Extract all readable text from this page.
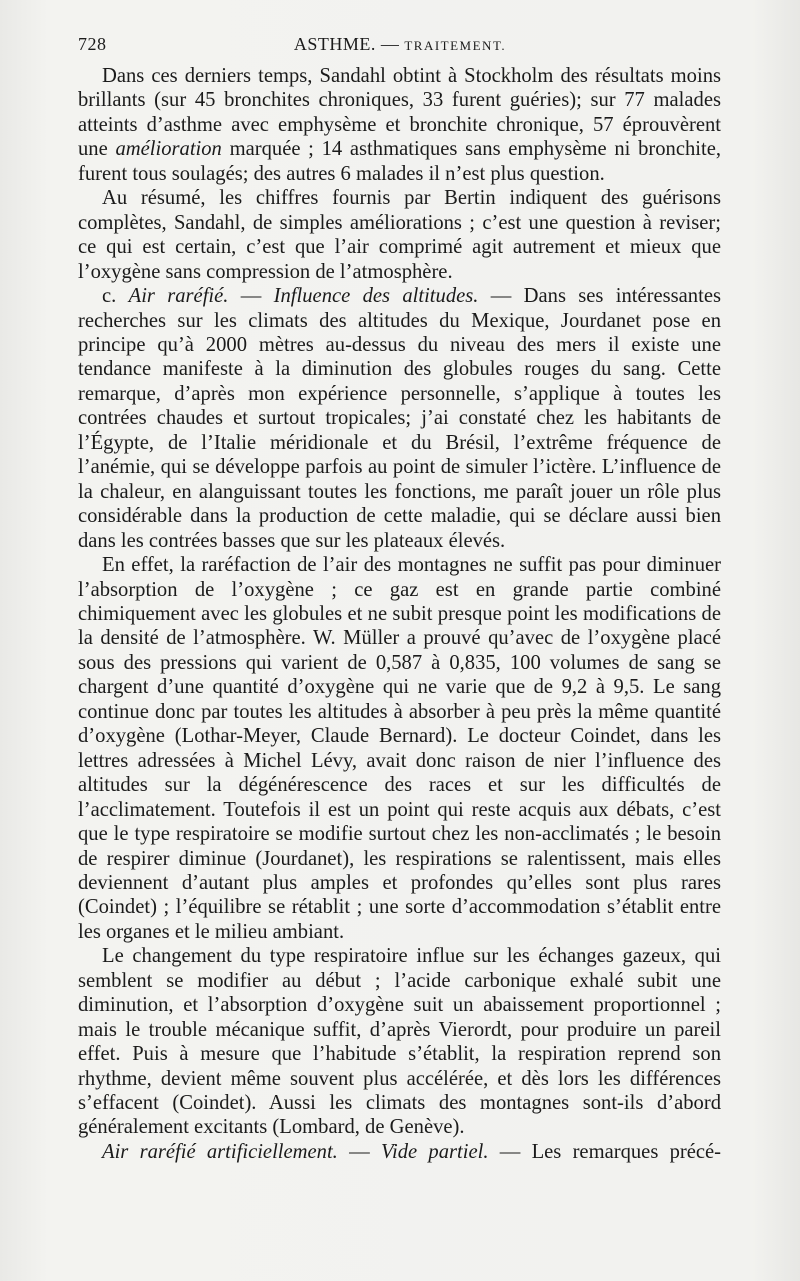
728	ASTHME. — TRAITEMENT.

Dans ces derniers temps, Sandahl obtint à Stockholm des résultats moins brillants (sur 45 bronchites chroniques, 33 furent guéries); sur 77 malades atteints d’asthme avec emphysème et bronchite chronique, 57 éprouvèrent une amélioration marquée ; 14 asthmatiques sans emphysème ni bronchite, furent tous soulagés; des autres 6 malades il n’est plus question.

Au résumé, les chiffres fournis par Bertin indiquent des guérisons complètes, Sandahl, de simples améliorations ; c’est une question à reviser; ce qui est certain, c’est que l’air comprimé agit autrement et mieux que l’oxygène sans compression de l’atmosphère.

c. Air raréfié. — Influence des altitudes. — Dans ses intéressantes recherches sur les climats des altitudes du Mexique, Jourdanet pose en principe qu’à 2000 mètres au-dessus du niveau des mers il existe une tendance manifeste à la diminution des globules rouges du sang. Cette remarque, d’après mon expérience personnelle, s’applique à toutes les contrées chaudes et surtout tropicales; j’ai constaté chez les habitants de l’Égypte, de l’Italie méridionale et du Brésil, l’extrême fréquence de l’anémie, qui se développe parfois au point de simuler l’ictère. L’influence de la chaleur, en alanguissant toutes les fonctions, me paraît jouer un rôle plus considérable dans la production de cette maladie, qui se déclare aussi bien dans les contrées basses que sur les plateaux élevés.

En effet, la raréfaction de l’air des montagnes ne suffit pas pour diminuer l’absorption de l’oxygène ; ce gaz est en grande partie combiné chimiquement avec les globules et ne subit presque point les modifications de la densité de l’atmosphère. W. Müller a prouvé qu’avec de l’oxygène placé sous des pressions qui varient de 0,587 à 0,835, 100 volumes de sang se chargent d’une quantité d’oxygène qui ne varie que de 9,2 à 9,5. Le sang continue donc par toutes les altitudes à absorber à peu près la même quantité d’oxygène (Lothar-Meyer, Claude Bernard). Le docteur Coindet, dans les lettres adressées à Michel Lévy, avait donc raison de nier l’influence des altitudes sur la dégénérescence des races et sur les difficultés de l’acclimatement. Toutefois il est un point qui reste acquis aux débats, c’est que le type respiratoire se modifie surtout chez les non-acclimatés ; le besoin de respirer diminue (Jourdanet), les respirations se ralentissent, mais elles deviennent d’autant plus amples et profondes qu’elles sont plus rares (Coindet) ; l’équilibre se rétablit ; une sorte d’accommodation s’établit entre les organes et le milieu ambiant.

Le changement du type respiratoire influe sur les échanges gazeux, qui semblent se modifier au début ; l’acide carbonique exhalé subit une diminution, et l’absorption d’oxygène suit un abaissement proportionnel ; mais le trouble mécanique suffit, d’après Vierordt, pour produire un pareil effet. Puis à mesure que l’habitude s’établit, la respiration reprend son rhythme, devient même souvent plus accélérée, et dès lors les différences s’effacent (Coindet). Aussi les climats des montagnes sont-ils d’abord généralement excitants (Lombard, de Genève).

Air raréfié artificiellement. — Vide partiel. — Les remarques précé-
